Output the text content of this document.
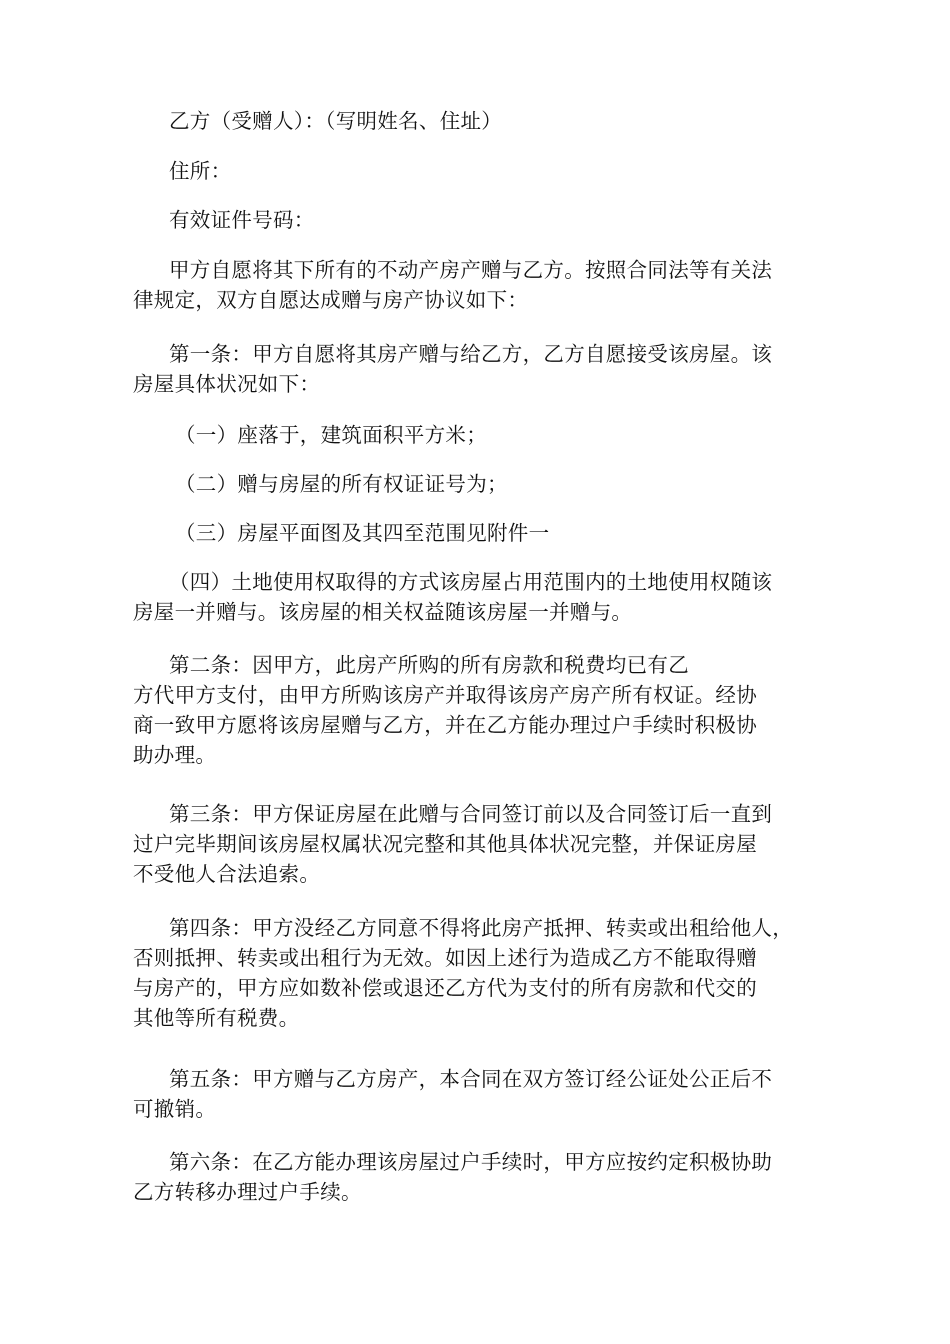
乙方（受赠人）：（写明姓名、住址）

住所：

有效证件号码：

甲方自愿将其下所有的不动产房产赠与乙方。按照合同法等有关法
律规定，双方自愿达成赠与房产协议如下：

第一条：甲方自愿将其房产赠与给乙方，乙方自愿接受该房屋。该
房屋具体状况如下：

（一）座落于，建筑面积平方米；

（二）赠与房屋的所有权证证号为；

（三）房屋平面图及其四至范围见附件一

（四）土地使用权取得的方式该房屋占用范围内的土地使用权随该
房屋一并赠与。该房屋的相关权益随该房屋一并赠与。

第二条：因甲方，此房产所购的所有房款和税费均已有乙
方代甲方支付，由甲方所购该房产并取得该房产房产所有权证。经协
商一致甲方愿将该房屋赠与乙方，并在乙方能办理过户手续时积极协
助办理。

第三条：甲方保证房屋在此赠与合同签订前以及合同签订后一直到
过户完毕期间该房屋权属状况完整和其他具体状况完整，并保证房屋
不受他人合法追索。

第四条：甲方没经乙方同意不得将此房产抵押、转卖或出租给他人，
否则抵押、转卖或出租行为无效。如因上述行为造成乙方不能取得赠
与房产的，甲方应如数补偿或退还乙方代为支付的所有房款和代交的
其他等所有税费。

第五条：甲方赠与乙方房产，本合同在双方签订经公证处公正后不
可撤销。

第六条：在乙方能办理该房屋过户手续时，甲方应按约定积极协助
乙方转移办理过户手续。
